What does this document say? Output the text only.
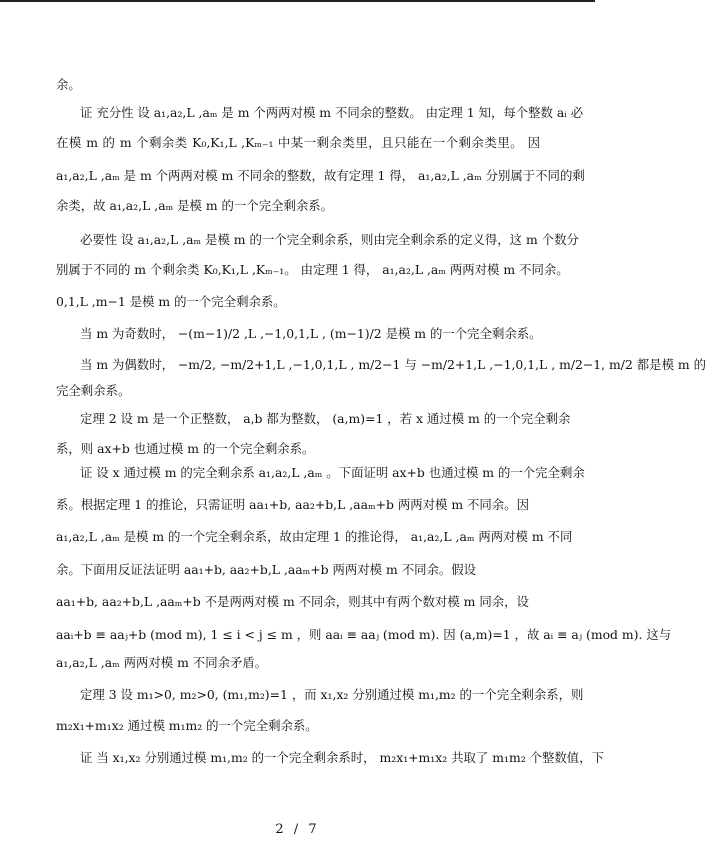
余。
证 充分性 设 a₁,a₂,L ,aₘ 是 m 个两两对模 m 不同余的整数。 由定理 1 知，每个整数 aᵢ 必
在模 m 的 m 个剩余类 K₀,K₁,L ,Kₘ₋₁ 中某一剩余类里，且只能在一个剩余类里。 因
a₁,a₂,L ,aₘ 是 m 个两两对模 m 不同余的整数，故有定理 1 得， a₁,a₂,L ,aₘ 分别属于不同的剩
余类，故 a₁,a₂,L ,aₘ 是模 m 的一个完全剩余系。
必要性 设 a₁,a₂,L ,aₘ 是模 m 的一个完全剩余系，则由完全剩余系的定义得，这 m 个数分
别属于不同的 m 个剩余类 K₀,K₁,L ,Kₘ₋₁。 由定理 1 得， a₁,a₂,L ,aₘ 两两对模 m 不同余。
0,1,L ,m−1 是模 m 的一个完全剩余系。
当 m 为奇数时， −(m−1)/2 ,L ,−1,0,1,L , (m−1)/2 是模 m 的一个完全剩余系。
当 m 为偶数时， −m/2, −m/2+1,L ,−1,0,1,L , m/2−1 与 −m/2+1,L ,−1,0,1,L , m/2−1, m/2 都是模 m 的
完全剩余系。
定理 2 设 m 是一个正整数， a,b 都为整数， (a,m)=1 ，若 x 通过模 m 的一个完全剩余
系，则 ax+b 也通过模 m 的一个完全剩余系。
证 设 x 通过模 m 的完全剩余系 a₁,a₂,L ,aₘ 。下面证明 ax+b 也通过模 m 的一个完全剩余
系。根据定理 1 的推论，只需证明 aa₁+b, aa₂+b,L ,aaₘ+b 两两对模 m 不同余。因
a₁,a₂,L ,aₘ 是模 m 的一个完全剩余系，故由定理 1 的推论得， a₁,a₂,L ,aₘ 两两对模 m 不同
余。下面用反证法证明 aa₁+b, aa₂+b,L ,aaₘ+b 两两对模 m 不同余。假设
aa₁+b, aa₂+b,L ,aaₘ+b 不是两两对模 m 不同余，则其中有两个数对模 m 同余，设
aaᵢ+b ≡ aaⱼ+b (mod m), 1 ≤ i < j ≤ m ，则 aaᵢ ≡ aaⱼ (mod m). 因 (a,m)=1 ，故 aᵢ ≡ aⱼ (mod m). 这与
a₁,a₂,L ,aₘ 两两对模 m 不同余矛盾。
定理 3 设 m₁>0, m₂>0, (m₁,m₂)=1 ，而 x₁,x₂ 分别通过模 m₁,m₂ 的一个完全剩余系，则
m₂x₁+m₁x₂ 通过模 m₁m₂ 的一个完全剩余系。
证 当 x₁,x₂ 分别通过模 m₁,m₂ 的一个完全剩余系时， m₂x₁+m₁x₂ 共取了 m₁m₂ 个整数值，下
2 / 7
